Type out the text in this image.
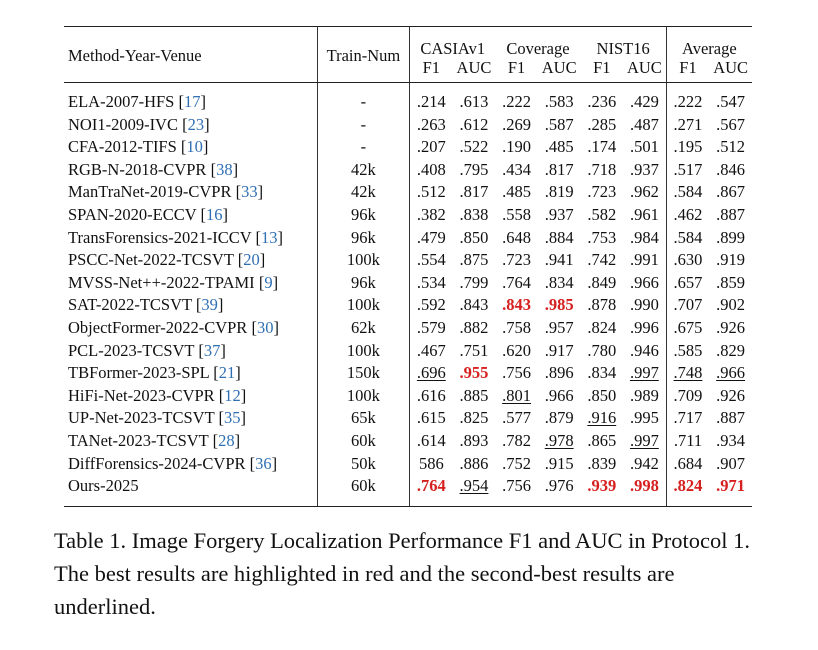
Method-Year-Venue	Train-Num	CASIAv1		Coverage		NIST16		Average	
		F1	AUC	F1	AUC	F1	AUC	F1	AUC
ELA-2007-HFS [17]	-	.214	.613	.222	.583	.236	.429	.222	.547
NOI1-2009-IVC [23]	-	.263	.612	.269	.587	.285	.487	.271	.567
CFA-2012-TIFS [10]	-	.207	.522	.190	.485	.174	.501	.195	.512
RGB-N-2018-CVPR [38]	42k	.408	.795	.434	.817	.718	.937	.517	.846
ManTraNet-2019-CVPR [33]	42k	.512	.817	.485	.819	.723	.962	.584	.867
SPAN-2020-ECCV [16]	96k	.382	.838	.558	.937	.582	.961	.462	.887
TransForensics-2021-ICCV [13]	96k	.479	.850	.648	.884	.753	.984	.584	.899
PSCC-Net-2022-TCSVT [20]	100k	.554	.875	.723	.941	.742	.991	.630	.919
MVSS-Net++-2022-TPAMI [9]	96k	.534	.799	.764	.834	.849	.966	.657	.859
SAT-2022-TCSVT [39]	100k	.592	.843	.843	.985	.878	.990	.707	.902
ObjectFormer-2022-CVPR [30]	62k	.579	.882	.758	.957	.824	.996	.675	.926
PCL-2023-TCSVT [37]	100k	.467	.751	.620	.917	.780	.946	.585	.829
TBFormer-2023-SPL [21]	150k	.696	.955	.756	.896	.834	.997	.748	.966
HiFi-Net-2023-CVPR [12]	100k	.616	.885	.801	.966	.850	.989	.709	.926
UP-Net-2023-TCSVT [35]	65k	.615	.825	.577	.879	.916	.995	.717	.887
TANet-2023-TCSVT [28]	60k	.614	.893	.782	.978	.865	.997	.711	.934
DiffForensics-2024-CVPR [36]	50k	586	.886	.752	.915	.839	.942	.684	.907
Ours-2025	60k	.764	.954	.756	.976	.939	.998	.824	.971
Table 1. Image Forgery Localization Performance F1 and AUC in Protocol 1. The best results are highlighted in red and the second-best results are underlined.
